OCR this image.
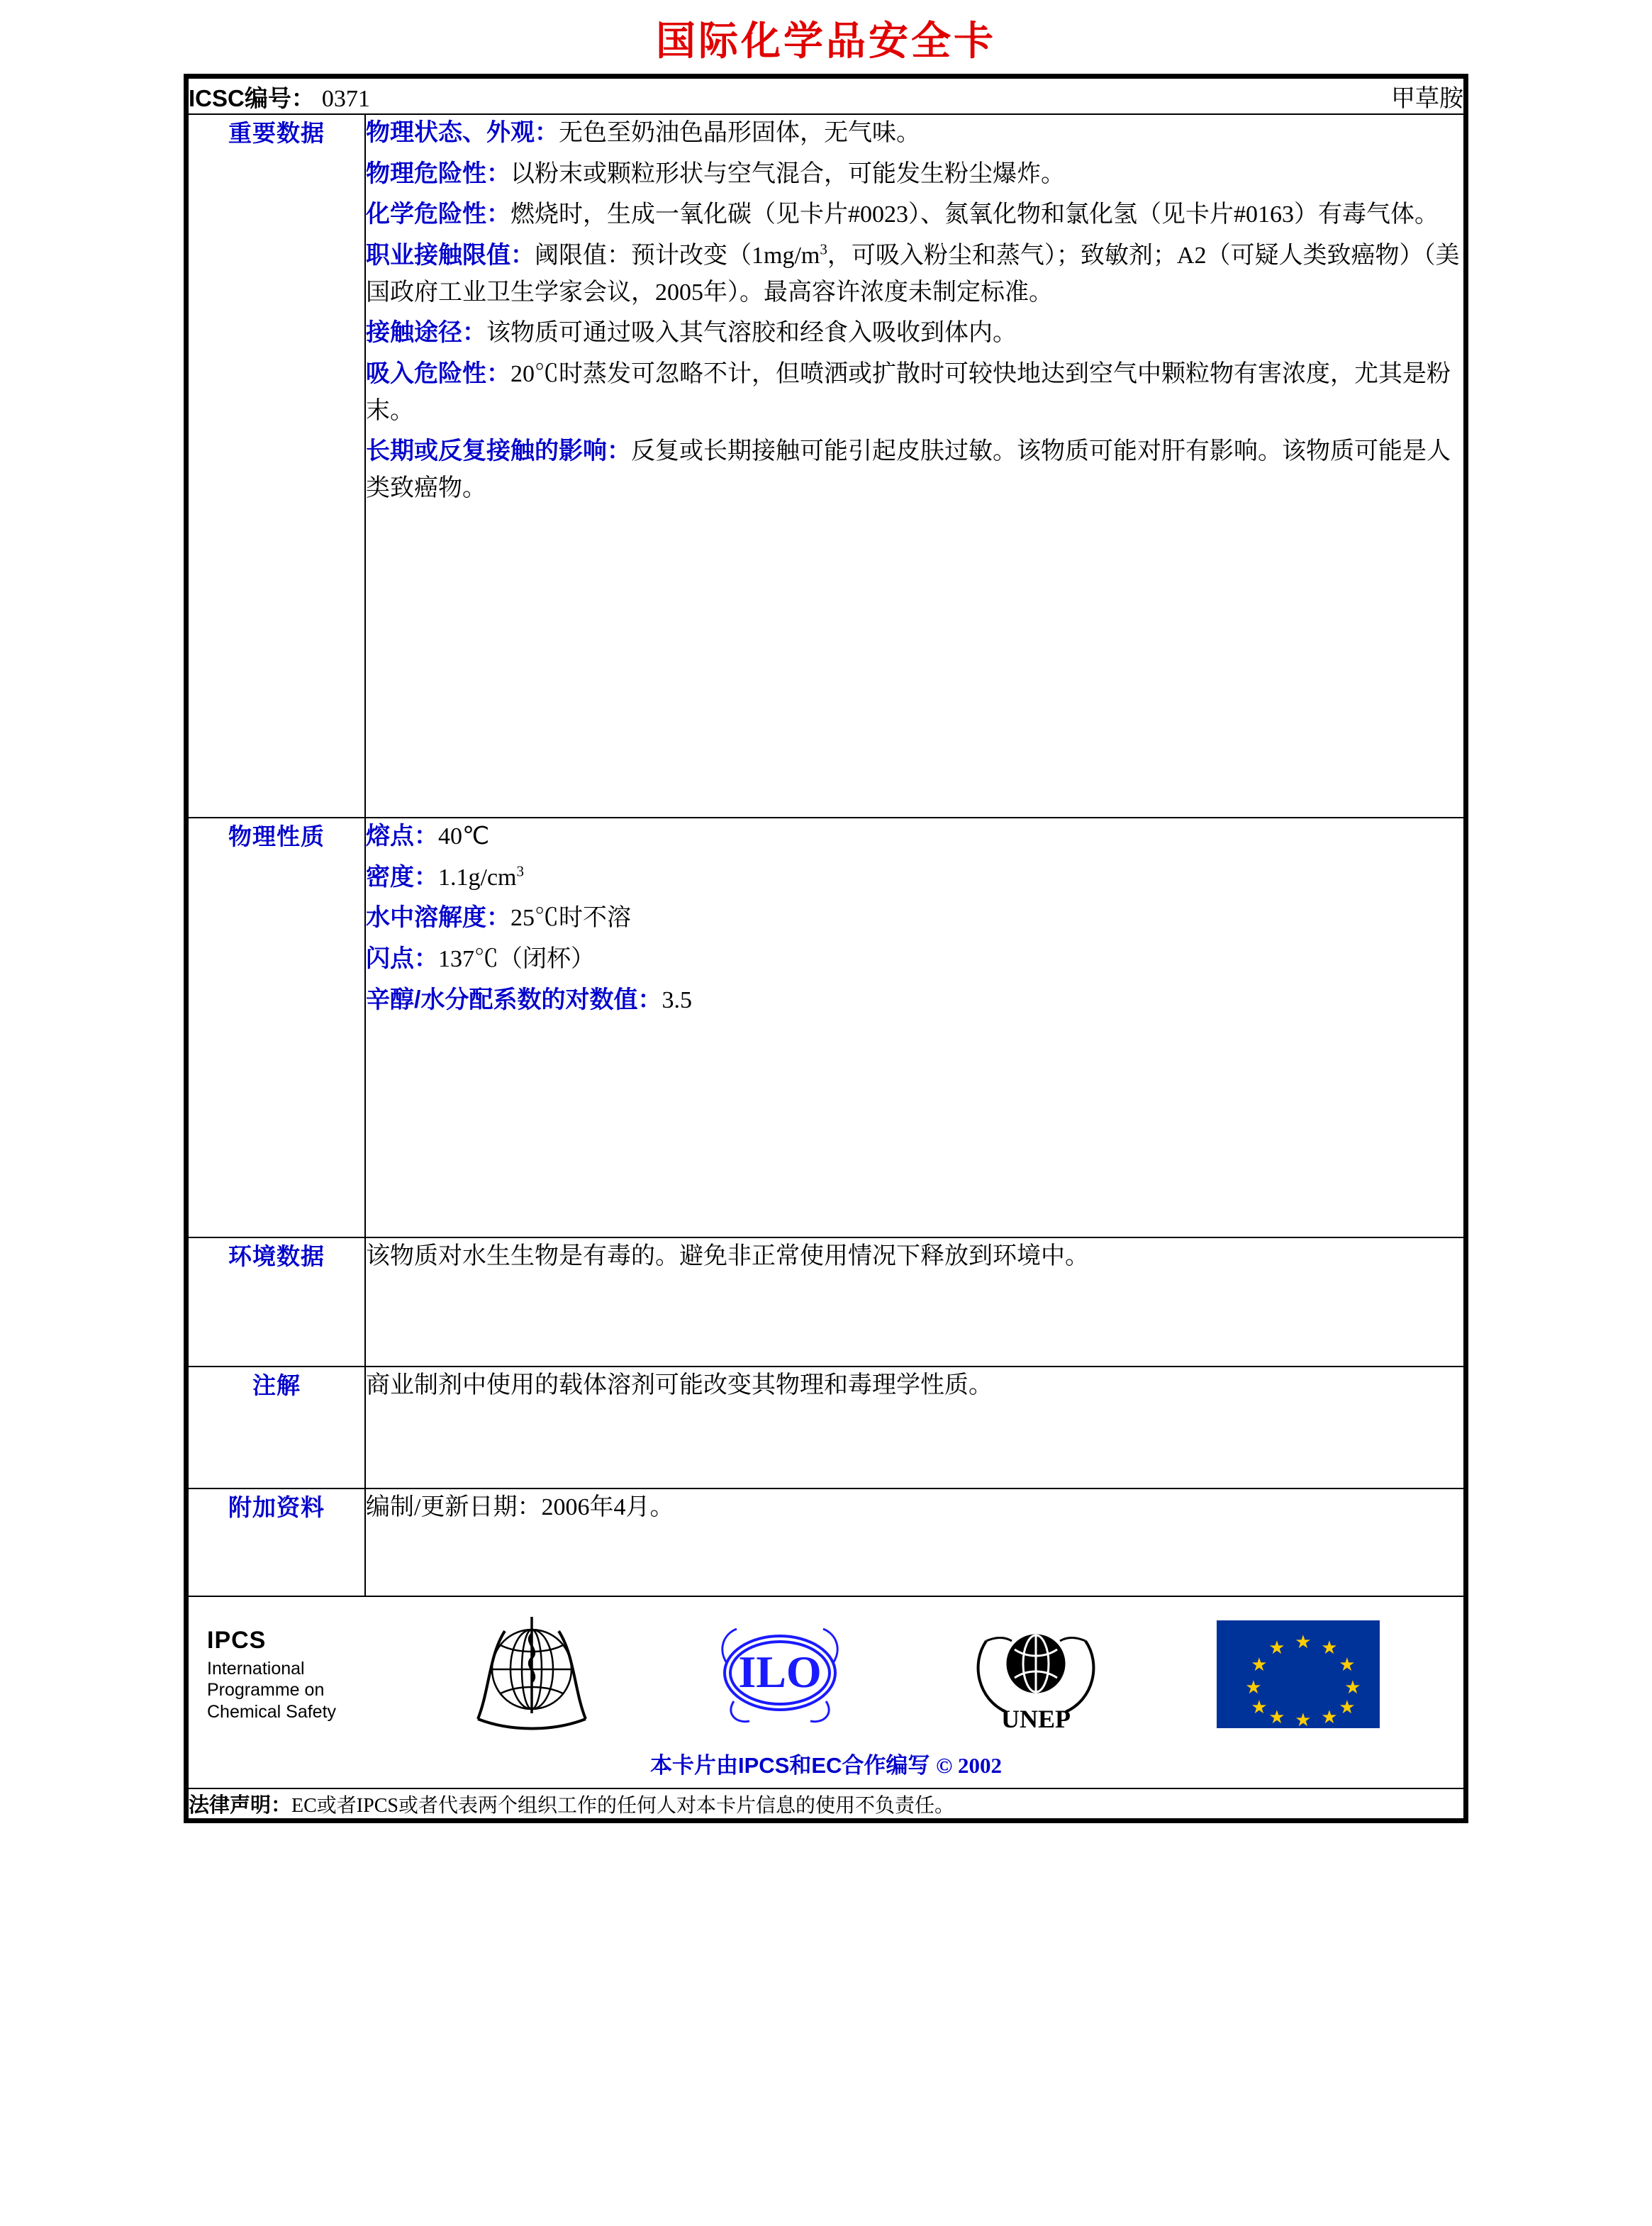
国际化学品安全卡
ICSC编号： 0371 甲草胺	

重要数据	物理状态、外观：无色至奶油色晶形固体，无气味。

物理危险性：以粉末或颗粒形状与空气混合，可能发生粉尘爆炸。

化学危险性：燃烧时，生成一氧化碳（见卡片#0023）、氮氧化物和氯化氢（见卡片#0163）有毒气体。

职业接触限值：阈限值：预计改变（$1mg/m^3$，可吸入粉尘和蒸气）；致敏剂；A2（可疑人类致癌物）（美国政府工业卫生学家会议，2005年）。最高容许浓度未制定标准。

接触途径：该物质可通过吸入其气溶胶和经食入吸收到体内。

吸入危险性：20℃时蒸发可忽略不计，但喷洒或扩散时可较快地达到空气中颗粒物有害浓度，尤其是粉末。

长期或反复接触的影响：反复或长期接触可能引起皮肤过敏。该物质可能对肝有影响。该物质可能是人类致癌物。

物理性质	熔点：40℃

密度：$1.1g/cm^3$

水中溶解度：25℃时不溶

闪点：137℃（闭杯）

辛醇/水分配系数的对数值：3.5

环境数据	该物质对水生生物是有毒的。避免非正常使用情况下释放到环境中。

注解	商业制剂中使用的载体溶剂可能改变其物理和毒理学性质。

附加资料	编制/更新日期：2006年4月。

IPCS
International
Programme on
Chemical Safety
ILO
UNEP
★
★ ★
★	★
★	★
★	★
★ ★
★
本卡片由IPCS和EC合作编写 © 2002

法律声明：EC或者IPCS或者代表两个组织工作的任何人对本卡片信息的使用不负责任。	
